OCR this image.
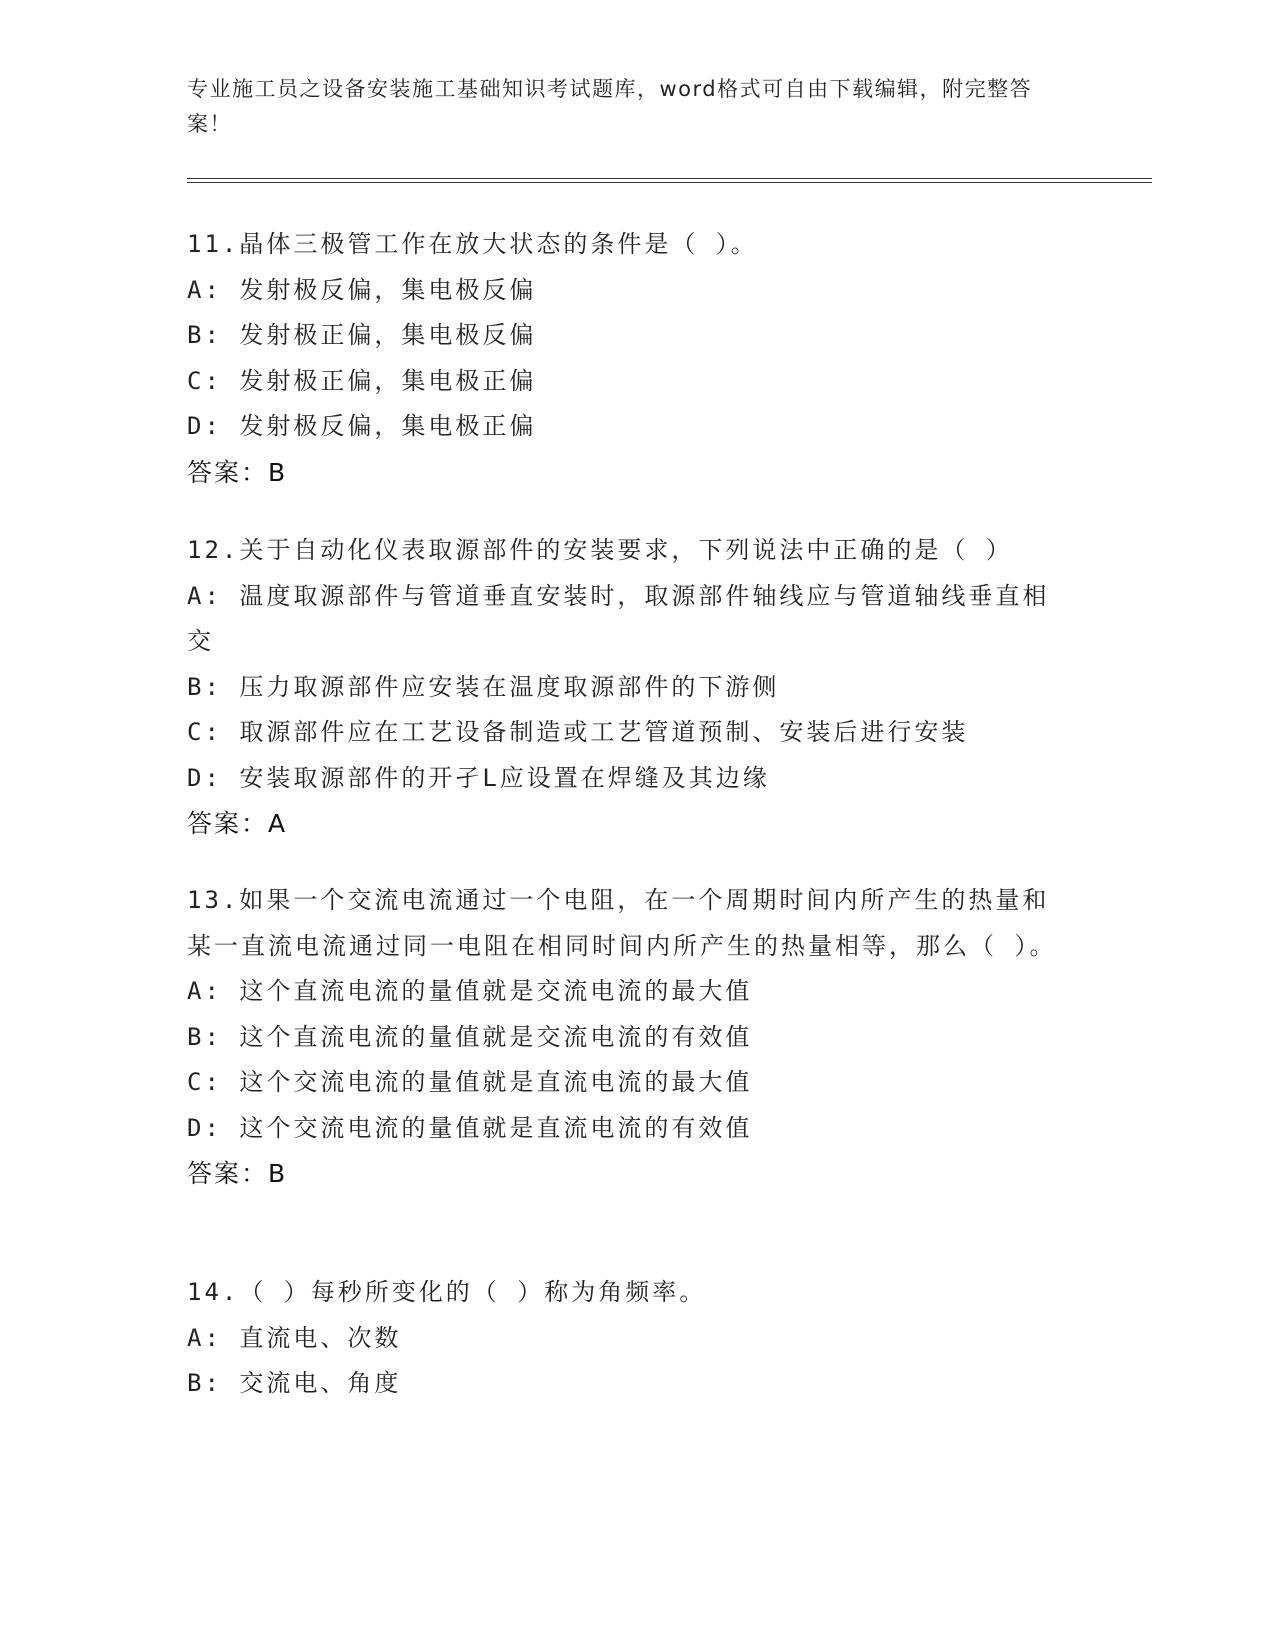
专业施工员之设备安装施工基础知识考试题库，word格式可自由下载编辑，附完整答案！

11.晶体三极管工作在放大状态的条件是（ ）。

A: 发射极反偏，集电极反偏

B: 发射极正偏，集电极反偏

C: 发射极正偏，集电极正偏

D: 发射极反偏，集电极正偏

答案：B

12.关于自动化仪表取源部件的安装要求，下列说法中正确的是（ ）

A: 温度取源部件与管道垂直安装时，取源部件轴线应与管道轴线垂直相交

B: 压力取源部件应安装在温度取源部件的下游侧

C: 取源部件应在工艺设备制造或工艺管道预制、安装后进行安装

D: 安装取源部件的开孑L应设置在焊缝及其边缘

答案：A

13.如果一个交流电流通过一个电阻，在一个周期时间内所产生的热量和某一直流电流通过同一电阻在相同时间内所产生的热量相等，那么（ ）。

A: 这个直流电流的量值就是交流电流的最大值

B: 这个直流电流的量值就是交流电流的有效值

C: 这个交流电流的量值就是直流电流的最大值

D: 这个交流电流的量值就是直流电流的有效值

答案：B

14.（ ）每秒所变化的（ ）称为角频率。

A: 直流电、次数

B: 交流电、角度
